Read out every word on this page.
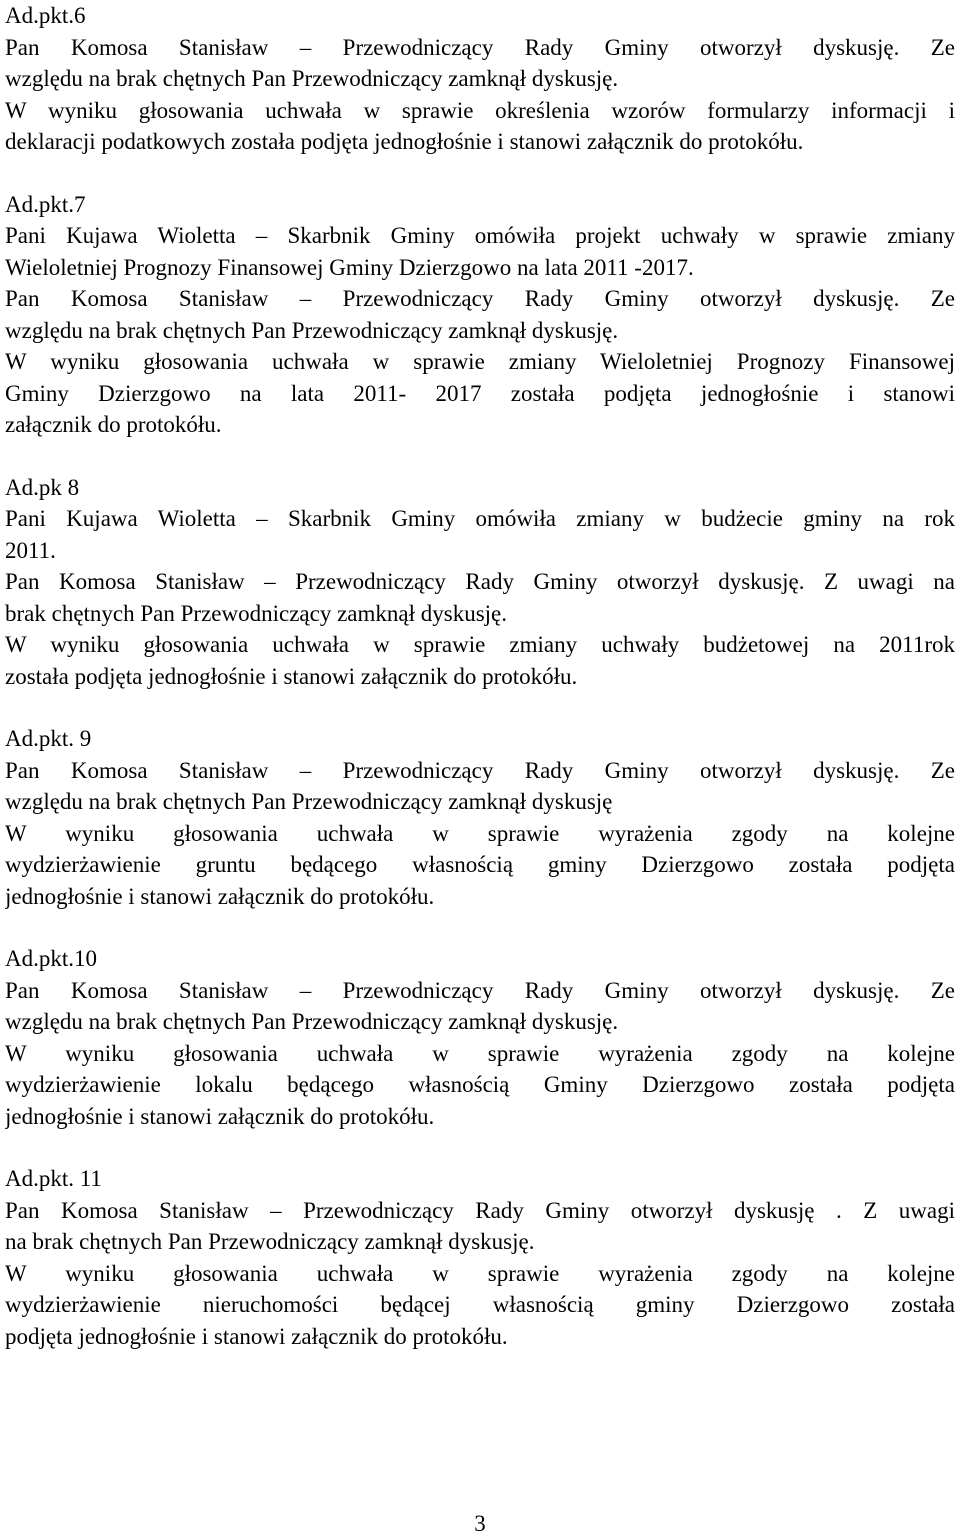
Ad.pkt.6
Pan Komosa Stanisław – Przewodniczący Rady Gminy otworzył dyskusję. Ze
względu na brak chętnych Pan Przewodniczący zamknął dyskusję.
W wyniku głosowania uchwała w sprawie określenia wzorów formularzy informacji i
deklaracji podatkowych została podjęta jednogłośnie i stanowi załącznik do protokółu.
Ad.pkt.7
Pani Kujawa Wioletta – Skarbnik Gminy omówiła projekt uchwały w sprawie zmiany
Wieloletniej Prognozy Finansowej Gminy Dzierzgowo na lata 2011 -2017.
Pan Komosa Stanisław – Przewodniczący Rady Gminy otworzył dyskusję. Ze
względu na brak chętnych Pan Przewodniczący zamknął dyskusję.
W wyniku głosowania uchwała w sprawie zmiany Wieloletniej Prognozy Finansowej
Gminy Dzierzgowo na lata 2011- 2017 została podjęta jednogłośnie i stanowi
załącznik do protokółu.
Ad.pk 8
Pani Kujawa Wioletta – Skarbnik Gminy omówiła zmiany w budżecie gminy na rok
2011.
Pan Komosa Stanisław – Przewodniczący Rady Gminy otworzył dyskusję. Z uwagi na
brak chętnych Pan Przewodniczący zamknął dyskusję.
W wyniku głosowania uchwała w sprawie zmiany uchwały budżetowej na 2011rok
została podjęta jednogłośnie i stanowi załącznik do protokółu.
Ad.pkt. 9
Pan Komosa Stanisław – Przewodniczący Rady Gminy otworzył dyskusję. Ze
względu na brak chętnych Pan Przewodniczący zamknął dyskusję
W wyniku głosowania uchwała w sprawie wyrażenia zgody na kolejne
wydzierżawienie gruntu będącego własnością gminy Dzierzgowo została podjęta
jednogłośnie i stanowi załącznik do protokółu.
Ad.pkt.10
Pan Komosa Stanisław – Przewodniczący Rady Gminy otworzył dyskusję. Ze
względu na brak chętnych Pan Przewodniczący zamknął dyskusję.
W wyniku głosowania uchwała w sprawie wyrażenia zgody na kolejne
wydzierżawienie lokalu będącego własnością Gminy Dzierzgowo została podjęta
jednogłośnie i stanowi załącznik do protokółu.
Ad.pkt. 11
Pan Komosa Stanisław – Przewodniczący Rady Gminy otworzył dyskusję . Z uwagi
na brak chętnych Pan Przewodniczący zamknął dyskusję.
W wyniku głosowania uchwała w sprawie wyrażenia zgody na kolejne
wydzierżawienie nieruchomości będącej własnością gminy Dzierzgowo została
podjęta jednogłośnie i stanowi załącznik do protokółu.
3
